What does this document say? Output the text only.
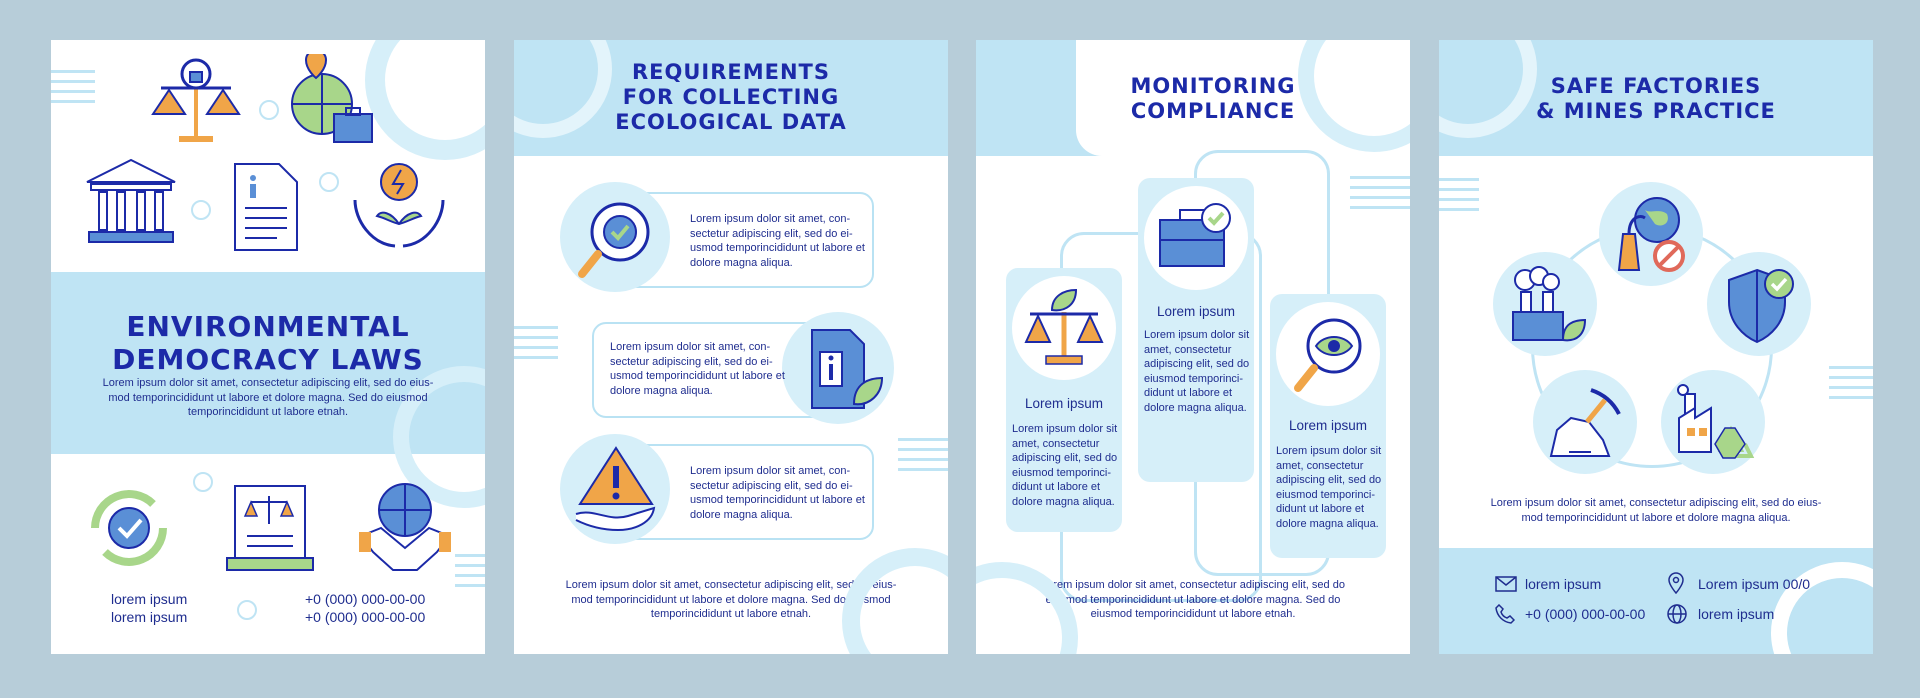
ENVIRONMENTAL
DEMOCRACY LAWS
Lorem ipsum dolor sit amet, consectetur adipiscing elit, sed do eius- mod temporincididunt ut labore et dolore magna. Sed do eiusmod temporincididunt ut labore etnah.
lorem ipsum
lorem ipsum
+0 (000) 000-00-00
+0 (000) 000-00-00
REQUIREMENTS
FOR COLLECTING
ECOLOGICAL DATA
Lorem ipsum dolor sit amet, con- sectetur adipiscing elit, sed do ei- usmod temporincididunt ut labore et dolore magna aliqua.
Lorem ipsum dolor sit amet, con- sectetur adipiscing elit, sed do ei- usmod temporincididunt ut labore et dolore magna aliqua.
Lorem ipsum dolor sit amet, con- sectetur adipiscing elit, sed do ei- usmod temporincididunt ut labore et dolore magna aliqua.
Lorem ipsum dolor sit amet, consectetur adipiscing elit, sed do eius- mod temporincididunt ut labore et dolore magna. Sed do eiusmod temporincididunt ut labore etnah.
MONITORING
COMPLIANCE
Lorem ipsum
Lorem ipsum dolor sit amet, consectetur adipiscing elit, sed do eiusmod temporinci- didunt ut labore et dolore magna aliqua.
Lorem ipsum
Lorem ipsum dolor sit amet, consectetur adipiscing elit, sed do eiusmod temporinci- didunt ut labore et dolore magna aliqua.
Lorem ipsum
Lorem ipsum dolor sit amet, consectetur adipiscing elit, sed do eiusmod temporinci- didunt ut labore et dolore magna aliqua.
Lorem ipsum dolor sit amet, consectetur adipiscing elit, sed do eiusmod temporincididunt ut labore et dolore magna. Sed do eiusmod temporincididunt ut labore etnah.
SAFE FACTORIES
& MINES PRACTICE
Lorem ipsum dolor sit amet, consectetur adipiscing elit, sed do eius- mod temporincididunt ut labore et dolore magna aliqua.
lorem ipsum	Lorem ipsum 00/0
+0 (000) 000-00-00	lorem ipsum
